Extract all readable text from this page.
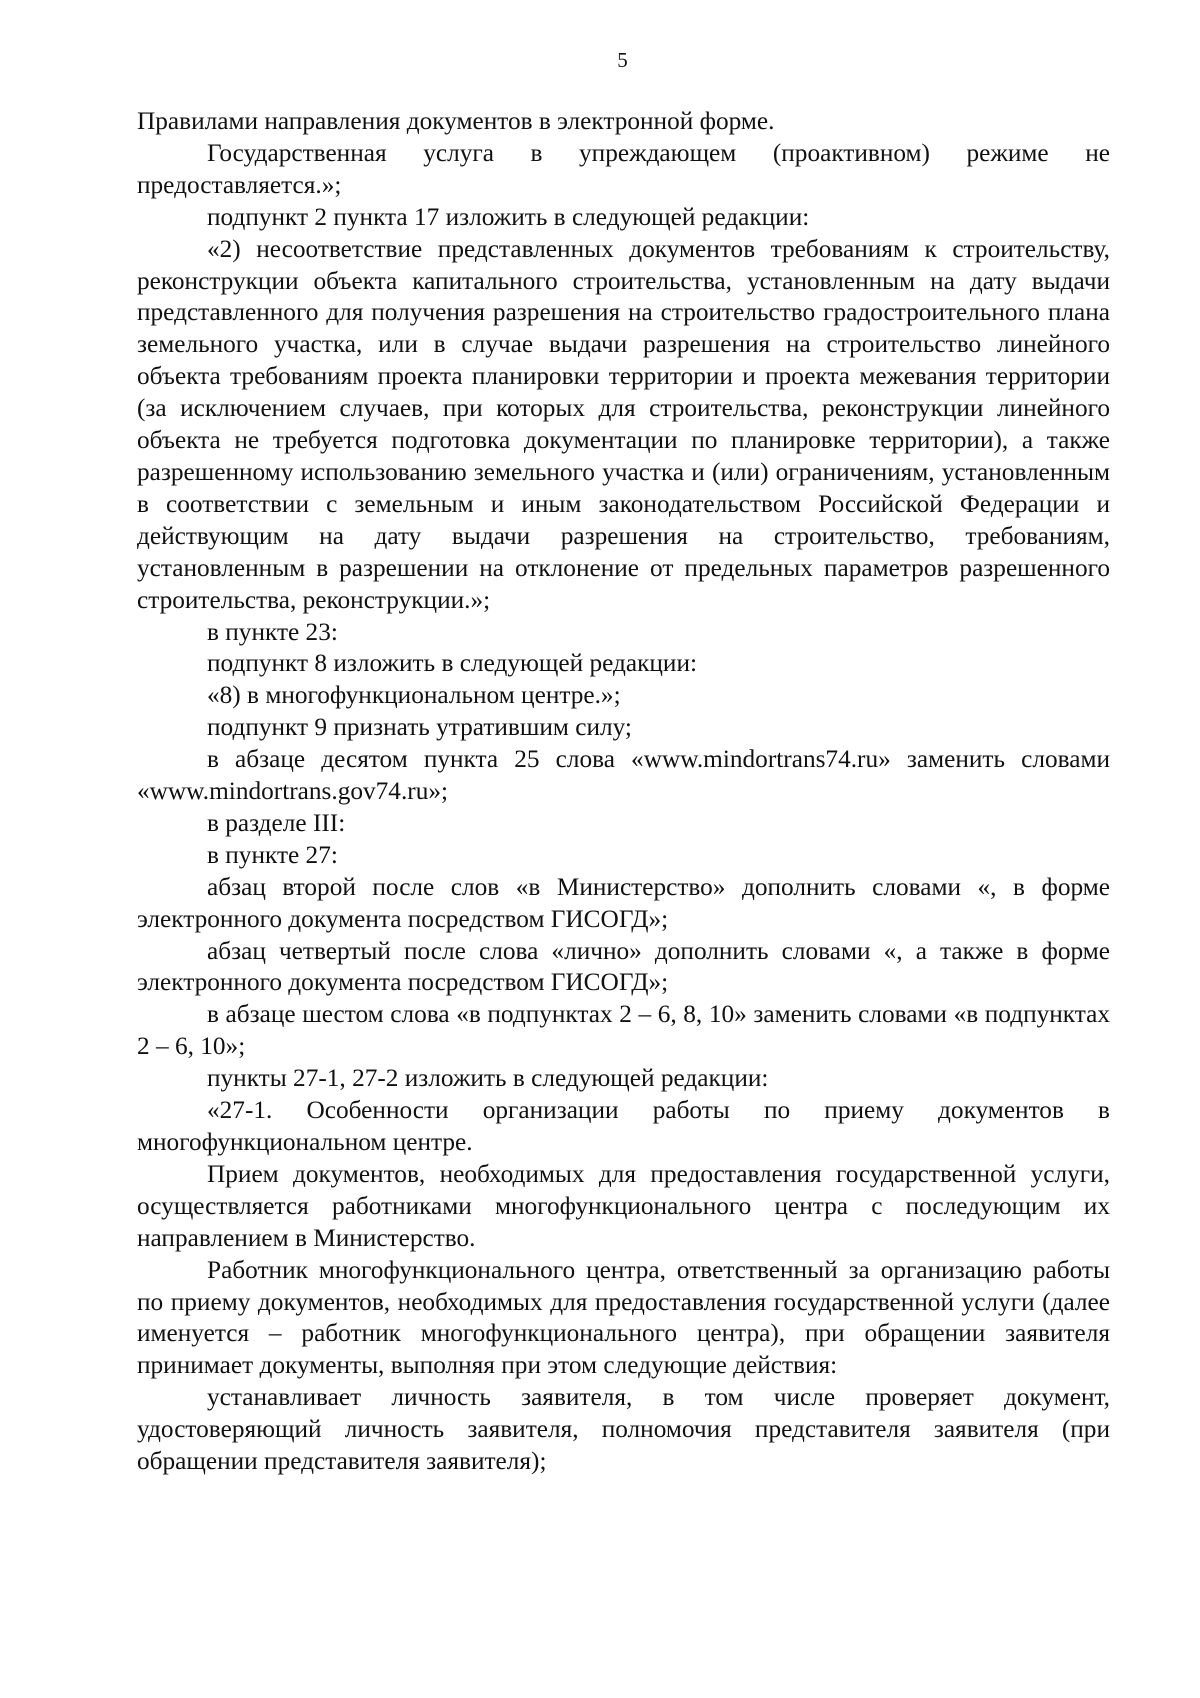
5

Правилами направления документов в электронной форме.

Государственная услуга в упреждающем (проактивном) режиме не предоставляется.»;

подпункт 2 пункта 17 изложить в следующей редакции:

«2) несоответствие представленных документов требованиям к строительству, реконструкции объекта капитального строительства, установленным на дату выдачи представленного для получения разрешения на строительство градостроительного плана земельного участка, или в случае выдачи разрешения на строительство линейного объекта требованиям проекта планировки территории и проекта межевания территории (за исключением случаев, при которых для строительства, реконструкции линейного объекта не требуется подготовка документации по планировке территории), а также разрешенному использованию земельного участка и (или) ограничениям, установленным в соответствии с земельным и иным законодательством Российской Федерации и действующим на дату выдачи разрешения на строительство, требованиям, установленным в разрешении на отклонение от предельных параметров разрешенного строительства, реконструкции.»;

в пункте 23:

подпункт 8 изложить в следующей редакции:

«8) в многофункциональном центре.»;

подпункт 9 признать утратившим силу;

в абзаце десятом пункта 25 слова «www.mindortrans74.ru» заменить словами «www.mindortrans.gov74.ru»;

в разделе III:

в пункте 27:

абзац второй после слов «в Министерство» дополнить словами «, в форме электронного документа посредством ГИСОГД»;

абзац четвертый после слова «лично» дополнить словами «, а также в форме электронного документа посредством ГИСОГД»;

в абзаце шестом слова «в подпунктах 2 – 6, 8, 10» заменить словами «в подпунктах 2 – 6, 10»;

пункты 27-1, 27-2 изложить в следующей редакции:

«27-1. Особенности организации работы по приему документов в многофункциональном центре.

Прием документов, необходимых для предоставления государственной услуги, осуществляется работниками многофункционального центра с последующим их направлением в Министерство.

Работник многофункционального центра, ответственный за организацию работы по приему документов, необходимых для предоставления государственной услуги (далее именуется – работник многофункционального центра), при обращении заявителя принимает документы, выполняя при этом следующие действия:

устанавливает личность заявителя, в том числе проверяет документ, удостоверяющий личность заявителя, полномочия представителя заявителя (при обращении представителя заявителя);
